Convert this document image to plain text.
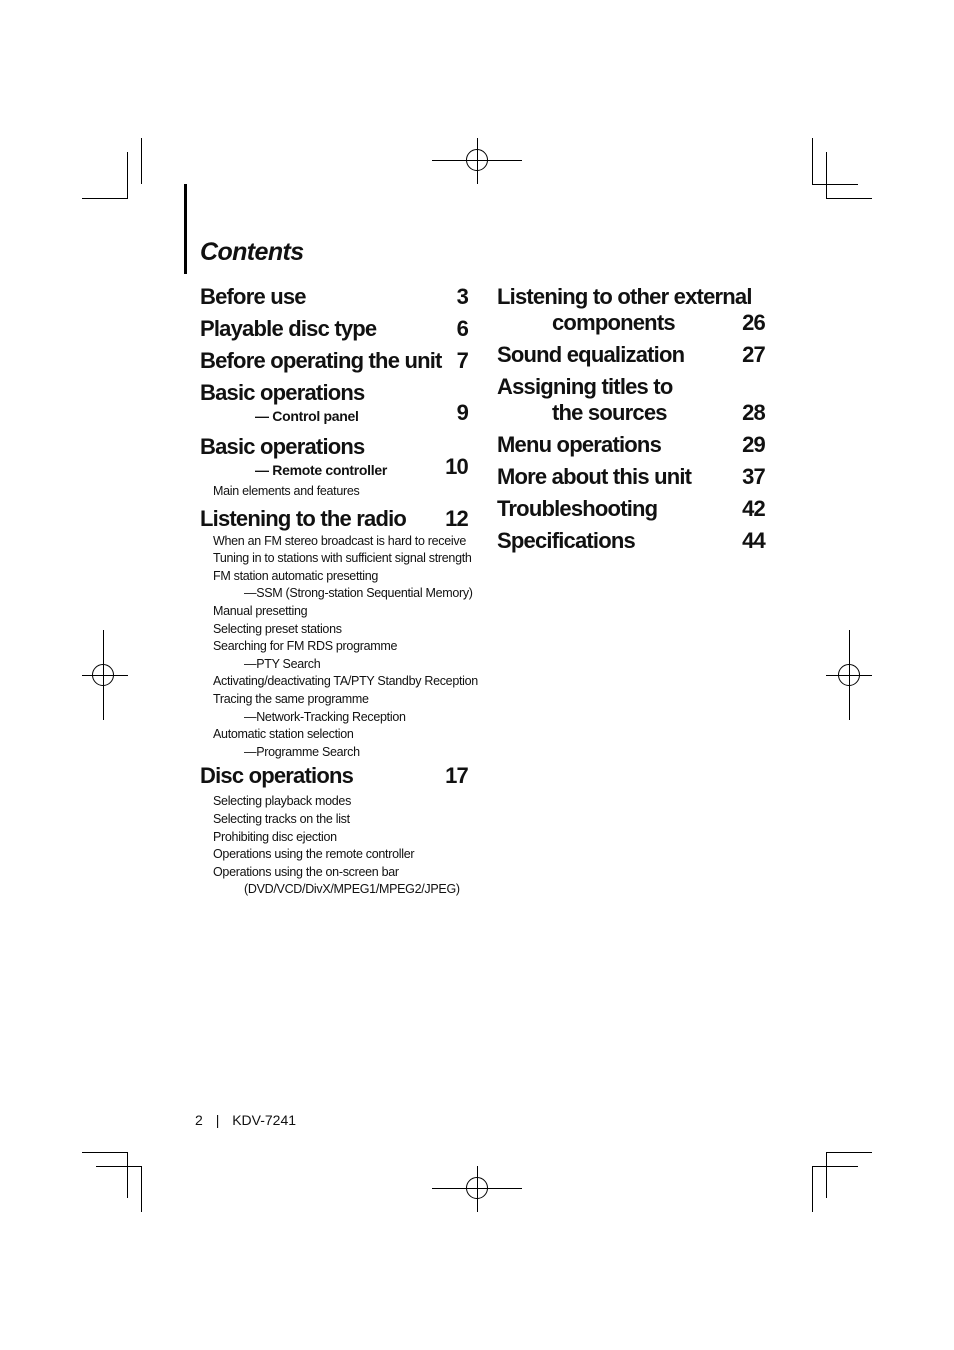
Contents
Before use	3
Playable disc type	6
Before operating the unit 7
Basic operations
— Control panel	9
Basic operations
— Remote controller	10
Main elements and features
Listening to the radio	12
When an FM stereo broadcast is hard to receive
Tuning in to stations with sufficient signal strength
FM station automatic presetting
—SSM (Strong-station Sequential Memory)
Manual presetting
Selecting preset stations
Searching for FM RDS programme
—PTY Search
Activating/deactivating TA/PTY Standby Reception
Tracing the same programme
—Network-Tracking Reception
Automatic station selection
—Programme Search
Disc operations	17
Selecting playback modes
Selecting tracks on the list
Prohibiting disc ejection
Operations using the remote controller
Operations using the on-screen bar
(DVD/VCD/DivX/MPEG1/MPEG2/JPEG)
Listening to other external
components	26
Sound equalization	27
Assigning titles to
the sources	28
Menu operations	29
More about this unit	37
Troubleshooting	42
Specifications	44
2 | KDV-7241
